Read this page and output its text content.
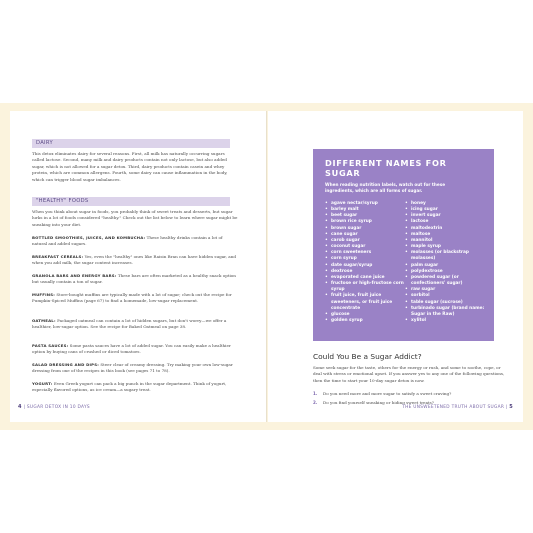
DAIRY

This detox eliminates dairy for several reasons. First, all milk has naturally occurring sugars called lactose. Second, many milk and dairy products contain not only lactose, but also added sugar, which is not allowed for a sugar detox. Third, dairy products contain casein and whey protein, which are common allergens. Fourth, some dairy can cause inflammation in the body, which can trigger blood sugar imbalances.

"HEALTHY" FOODS

When you think about sugar in foods, you probably think of sweet treats and desserts, but sugar lurks in a lot of foods considered "healthy." Check out the list below to learn where sugar might be sneaking into your diet.

BOTTLED SMOOTHIES, JUICES, AND KOMBUCHA: These healthy drinks contain a lot of natural and added sugars.

BREAKFAST CEREALS: Yes, even the "healthy" ones like Raisin Bran can have hidden sugar, and when you add milk, the sugar content increases.

GRANOLA BARS AND ENERGY BARS: These bars are often marketed as a healthy snack option but usually contain a ton of sugar.

MUFFINS: Store-bought muffins are typically made with a lot of sugar; check out the recipe for Pumpkin-Spiced Muffins (page 67) to find a homemade, low-sugar replacement.

OATMEAL: Packaged oatmeal can contain a lot of hidden sugars, but don't worry—we offer a healthier, low-sugar option. See the recipe for Baked Oatmeal on page 38.

PASTA SAUCES: Some pasta sauces have a lot of added sugar. You can easily make a healthier option by buying cans of crushed or diced tomatoes.

SALAD DRESSING AND DIPS: Steer clear of creamy dressing. Try making your own low-sugar dressing from one of the recipes in this book (see pages 71 to 78).

YOGURT: Even Greek yogurt can pack a big punch in the sugar department. Think of yogurt, especially flavored options, as ice cream—a sugary treat.

4 | SUGAR DETOX IN 10 DAYS
DIFFERENT NAMES FOR SUGAR
When reading nutrition labels, watch out for these ingredients, which are all forms of sugar.
• agave nectar/syrup
• barley malt
• beet sugar
• brown rice syrup
• brown sugar
• cane sugar
• carob sugar
• coconut sugar
• corn sweeteners
• corn syrup
• date sugar/syrup
• dextrose
• evaporated cane juice
• fructose or high-fructose corn syrup
• fruit juice, fruit juice sweeteners, or fruit juice concentrate
• glucose
• golden syrup
• honey
• icing sugar
• invert sugar
• lactose
• maltodextrin
• maltose
• mannitol
• maple syrup
• molasses (or blackstrap molasses)
• palm sugar
• polydextrose
• powdered sugar (or confectioners' sugar)
• raw sugar
• sorbitol
• table sugar (sucrose)
• turbinado sugar (brand name: Sugar in the Raw)
• xylitol
Could You Be a Sugar Addict?

Some seek sugar for the taste, others for the energy or rush, and some to soothe, cope, or deal with stress or emotional upset. If you answer yes to any one of the following questions, then the time to start your 10-day sugar detox is now.

1. Do you need more and more sugar to satisfy a sweet craving?
2. Do you find yourself sneaking or hiding sweet treats?
THE UNSWEETENED TRUTH ABOUT SUGAR | 5
